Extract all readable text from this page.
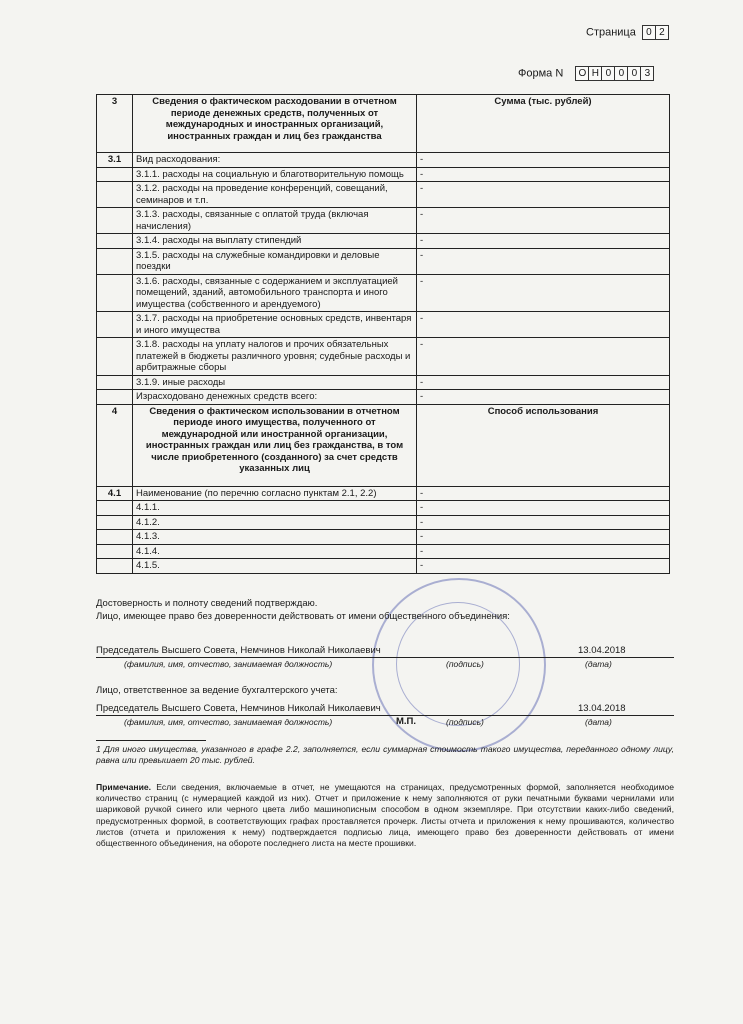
Страница	0 2
Форма N	О Н 0 0 0 3
3	Сведения о фактическом расходовании в отчетном периоде денежных средств, полученных от международных и иностранных организаций, иностранных граждан и лиц без гражданства	Сумма (тыс. рублей)
3.1	Вид расходования:	-
	3.1.1. расходы на социальную и благотворительную помощь	-
	3.1.2. расходы на проведение конференций, совещаний, семинаров и т.п.	-
	3.1.3. расходы, связанные с оплатой труда (включая начисления)	-
	3.1.4. расходы на выплату стипендий	-
	3.1.5. расходы на служебные командировки и деловые поездки	-
	3.1.6. расходы, связанные с содержанием и эксплуатацией помещений, зданий, автомобильного транспорта и иного имущества (собственного и арендуемого)	-
	3.1.7. расходы на приобретение основных средств, инвентаря и иного имущества	-
	3.1.8. расходы на уплату налогов и прочих обязательных платежей в бюджеты различного уровня; судебные расходы и арбитражные сборы	-
	3.1.9. иные расходы	-
	Израсходовано денежных средств всего:	-
4	Сведения о фактическом использовании в отчетном периоде иного имущества, полученного от международной или иностранной организации, иностранных граждан или лиц без гражданства, в том числе приобретенного (созданного) за счет средств указанных лиц	Способ использования
4.1	Наименование (по перечню согласно пунктам 2.1, 2.2)	-
	4.1.1.	-
	4.1.2.	-
	4.1.3.	-
	4.1.4.	-
	4.1.5.	-
Достоверность и полноту сведений подтверждаю.
Лицо, имеющее право без доверенности действовать от имени общественного объединения:
Председатель Высшего Совета, Немчинов Николай Николаевич	13.04.2018
(фамилия, имя, отчество, занимаемая должность)	(подпись)	(дата)
Лицо, ответственное за ведение бухгалтерского учета:
Председатель Высшего Совета, Немчинов Николай Николаевич	13.04.2018
(фамилия, имя, отчество, занимаемая должность)	М.П.	(подпись)	(дата)
1 Для иного имущества, указанного в графе 2.2, заполняется, если суммарная стоимость такого имущества, переданного одному лицу, равна или превышает 20 тыс. рублей.
Примечание. Если сведения, включаемые в отчет, не умещаются на страницах, предусмотренных формой, заполняется необходимое количество страниц (с нумерацией каждой из них). Отчет и приложение к нему заполняются от руки печатными буквами чернилами или шариковой ручкой синего или черного цвета либо машинописным способом в одном экземпляре. При отсутствии каких-либо сведений, предусмотренных формой, в соответствующих графах проставляется прочерк. Листы отчета и приложения к нему прошиваются, количество листов (отчета и приложения к нему) подтверждается подписью лица, имеющего право без доверенности действовать от имени общественного объединения, на обороте последнего листа на месте прошивки.
